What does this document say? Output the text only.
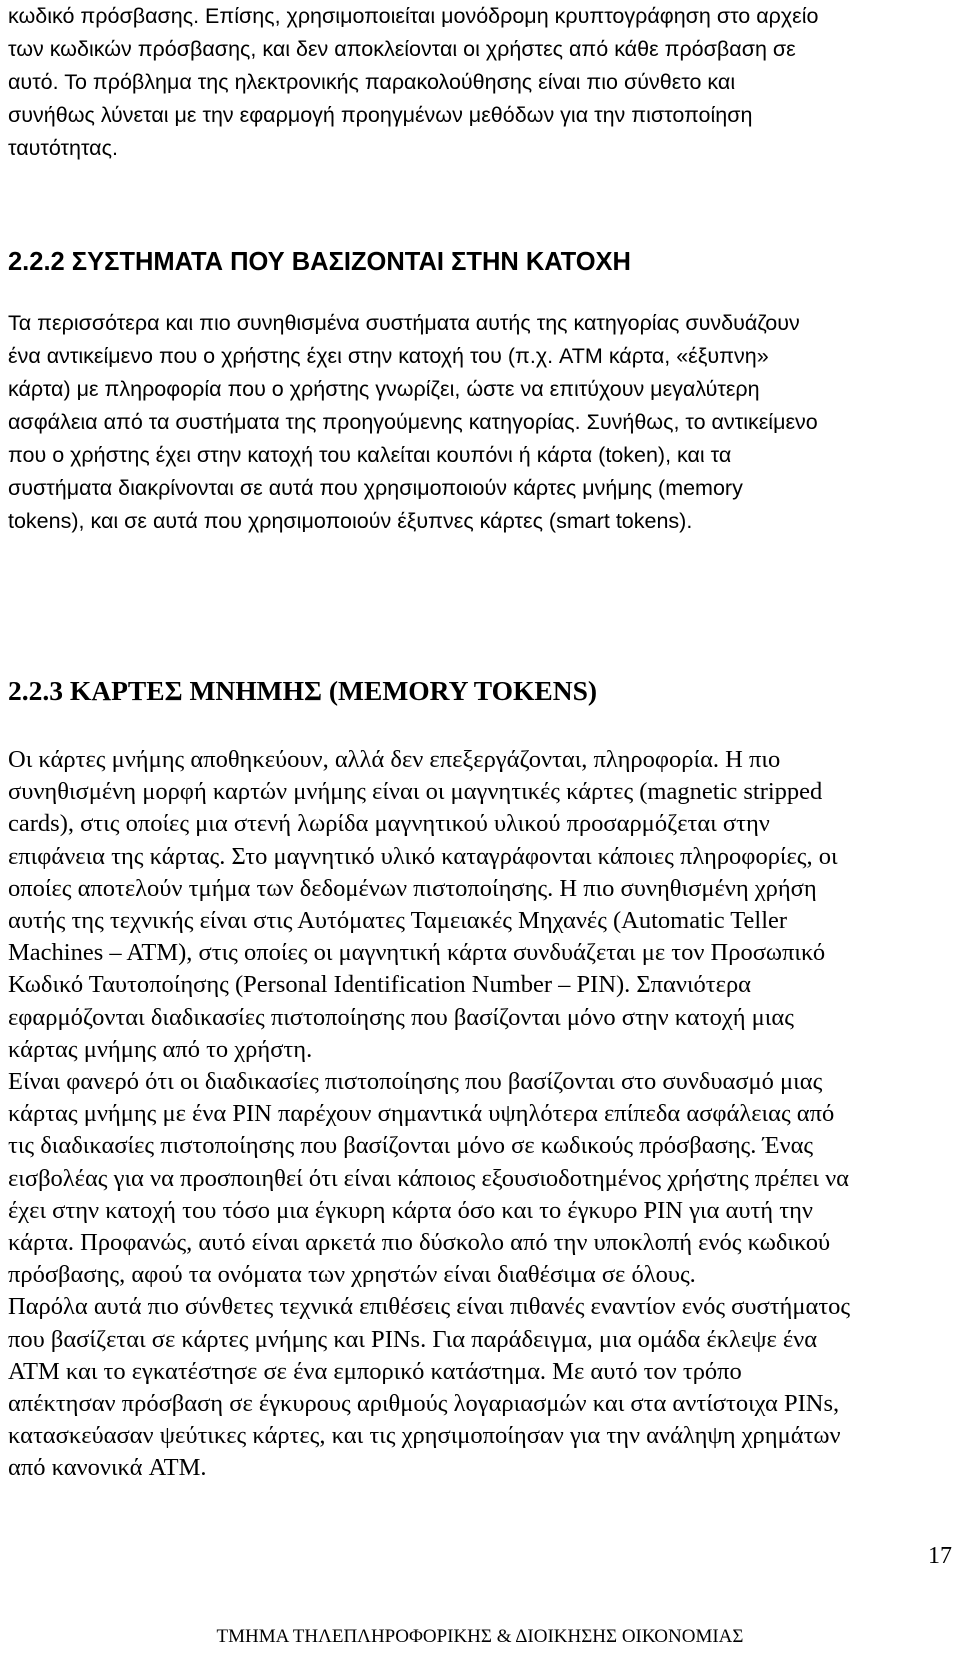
κωδικό πρόσβασης. Επίσης, χρησιμοποιείται μονόδρομη κρυπτογράφηση στο αρχείο
των κωδικών πρόσβασης, και δεν αποκλείονται οι χρήστες από κάθε πρόσβαση σε
αυτό. Το πρόβλημα της ηλεκτρονικής παρακολούθησης είναι πιο σύνθετο και
συνήθως λύνεται με την εφαρμογή προηγμένων μεθόδων για την πιστοποίηση
ταυτότητας.

2.2.2 ΣΥΣΤΗΜΑΤΑ ΠΟΥ ΒΑΣΙΖΟΝΤΑΙ ΣΤΗΝ ΚΑΤΟΧΗ

Τα περισσότερα και πιο συνηθισμένα συστήματα αυτής της κατηγορίας συνδυάζουν
ένα αντικείμενο που ο χρήστης έχει στην κατοχή του (π.χ. ATM κάρτα, «έξυπνη»
κάρτα) με πληροφορία που ο χρήστης γνωρίζει, ώστε να επιτύχουν μεγαλύτερη
ασφάλεια από τα συστήματα της προηγούμενης κατηγορίας. Συνήθως, το αντικείμενο
που ο χρήστης έχει στην κατοχή του καλείται κουπόνι ή κάρτα (token), και τα
συστήματα διακρίνονται σε αυτά που χρησιμοποιούν κάρτες μνήμης (memory
tokens), και σε αυτά που χρησιμοποιούν έξυπνες κάρτες (smart tokens).

2.2.3 ΚΑΡΤΕΣ ΜΝΗΜΗΣ (MEMORY TOKENS)

Οι κάρτες μνήμης αποθηκεύουν, αλλά δεν επεξεργάζονται, πληροφορία. Η πιο
συνηθισμένη μορφή καρτών μνήμης είναι οι μαγνητικές κάρτες (magnetic stripped
cards), στις οποίες μια στενή λωρίδα μαγνητικού υλικού προσαρμόζεται στην
επιφάνεια της κάρτας. Στο μαγνητικό υλικό καταγράφονται κάποιες πληροφορίες, οι
οποίες αποτελούν τμήμα των δεδομένων πιστοποίησης. Η πιο συνηθισμένη χρήση
αυτής της τεχνικής είναι στις Αυτόματες Ταμειακές Μηχανές (Automatic Teller
Machines – ATM), στις οποίες οι μαγνητική κάρτα συνδυάζεται με τον Προσωπικό
Κωδικό Ταυτοποίησης (Personal Identification Number – PIN). Σπανιότερα
εφαρμόζονται διαδικασίες πιστοποίησης που βασίζονται μόνο στην κατοχή μιας
κάρτας μνήμης από το χρήστη.

Είναι φανερό ότι οι διαδικασίες πιστοποίησης που βασίζονται στο συνδυασμό μιας
κάρτας μνήμης με ένα PIN παρέχουν σημαντικά υψηλότερα επίπεδα ασφάλειας από
τις διαδικασίες πιστοποίησης που βασίζονται μόνο σε κωδικούς πρόσβασης. Ένας
εισβολέας για να προσποιηθεί ότι είναι κάποιος εξουσιοδοτημένος χρήστης πρέπει να
έχει στην κατοχή του τόσο μια έγκυρη κάρτα όσο και το έγκυρο PIN για αυτή την
κάρτα. Προφανώς, αυτό είναι αρκετά πιο δύσκολο από την υποκλοπή ενός κωδικού
πρόσβασης, αφού τα ονόματα των χρηστών είναι διαθέσιμα σε όλους.

Παρόλα αυτά πιο σύνθετες τεχνικά επιθέσεις είναι πιθανές εναντίον ενός συστήματος
που βασίζεται σε κάρτες μνήμης και PINs. Για παράδειγμα, μια ομάδα έκλεψε ένα
ATM και το εγκατέστησε σε ένα εμπορικό κατάστημα. Με αυτό τον τρόπο
απέκτησαν πρόσβαση σε έγκυρους αριθμούς λογαριασμών και στα αντίστοιχα PINs,
κατασκεύασαν ψεύτικες κάρτες, και τις χρησιμοποίησαν για την ανάληψη χρημάτων
από κανονικά ATM.

17

ΤΜΗΜΑ ΤΗΛΕΠΛΗΡΟΦΟΡΙΚΗΣ & ΔΙΟΙΚΗΣΗΣ ΟΙΚΟΝΟΜΙΑΣ
